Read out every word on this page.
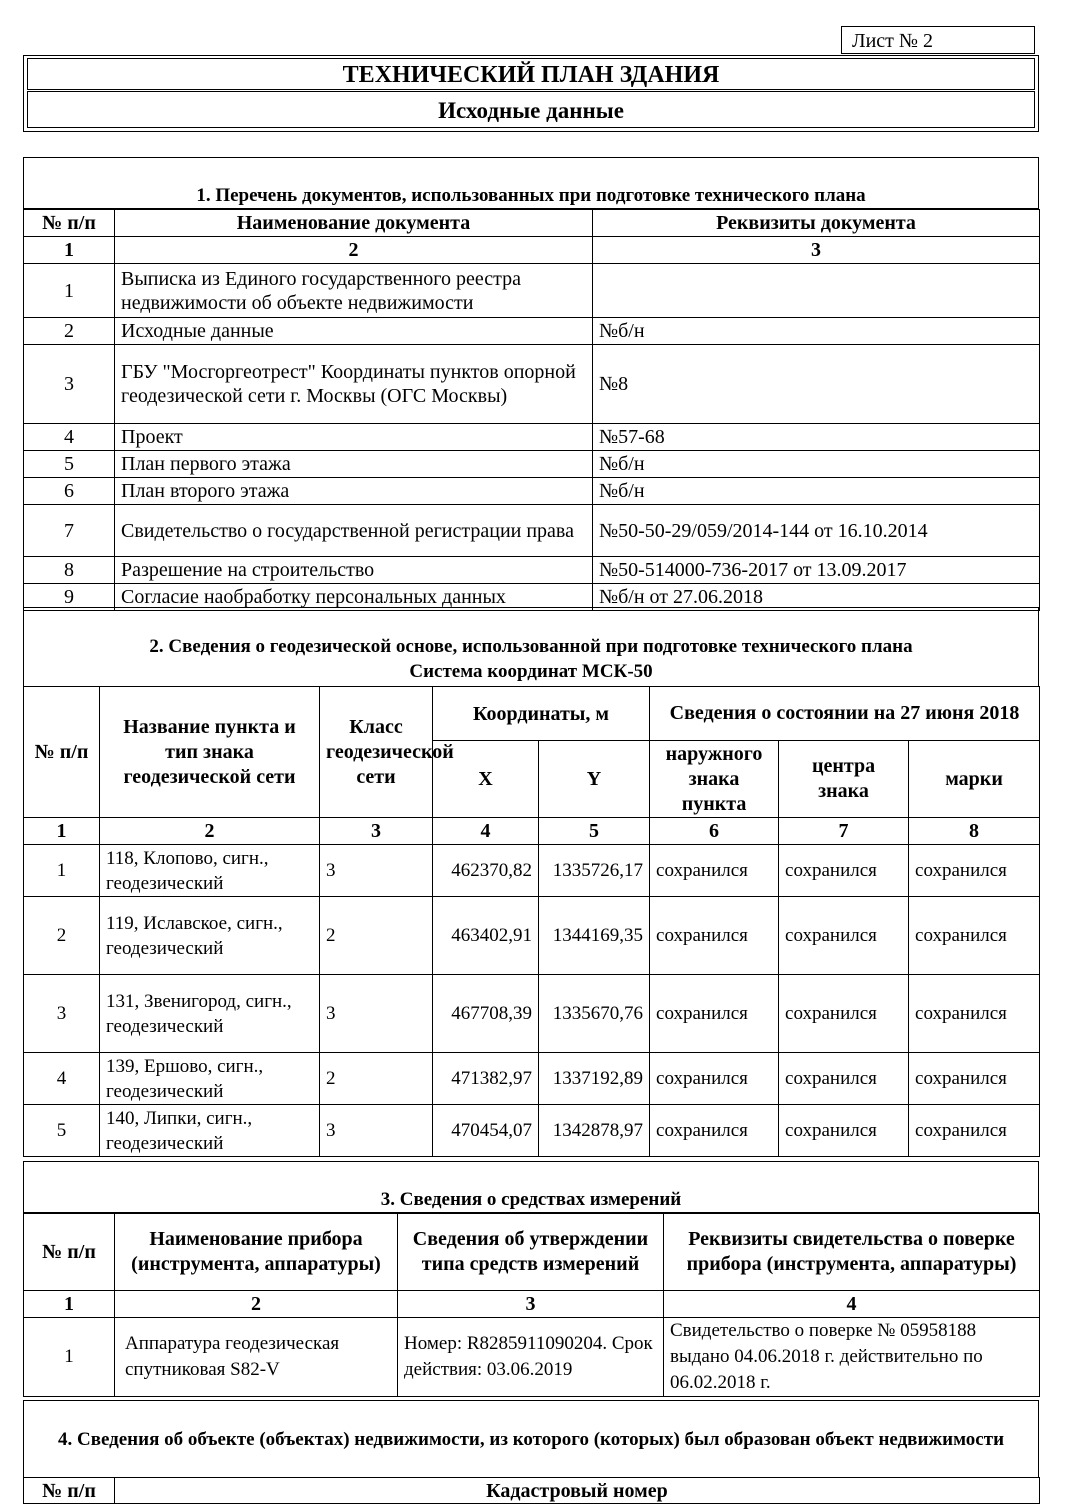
Лист № 2
ТЕХНИЧЕСКИЙ ПЛАН ЗДАНИЯ
Исходные данные
1. Перечень документов, использованных при подготовке технического плана
№ п/п	Наименование документа	Реквизиты документа
1	2	3
1	Выписка из Единого государственного реестра недвижимости об объекте недвижимости	
2	Исходные данные	№б/н
3	ГБУ "Мосгоргеотрест" Координаты пунктов опорной геодезической сети г. Москвы (ОГС Москвы)	№8
4	Проект	№57-68
5	План первого этажа	№б/н
6	План второго этажа	№б/н
7	Свидетельство о государственной регистрации права	№50-50-29/059/2014-144 от 16.10.2014
8	Разрешение на строительство	№50-514000-736-2017 от 13.09.2017
9	Согласие наобработку персональных данных	№б/н от 27.06.2018
2. Сведения о геодезической основе, использованной при подготовке технического плана
Система координат МСК-50
№ п/п	Название пункта и тип знака геодезической сети	Класс геодезической сети	Координаты, м		Сведения о состоянии на 27 июня 2018		
			X	Y	наружного знака пункта	центра знака	марки
1	2	3	4	5	6	7	8
1	118, Клопово, сигн., геодезический	3	462370,82	1335726,17	сохранился	сохранился	сохранился
2	119, Иславское, сигн., геодезический	2	463402,91	1344169,35	сохранился	сохранился	сохранился
3	131, Звенигород, сигн., геодезический	3	467708,39	1335670,76	сохранился	сохранился	сохранился
4	139, Ершово, сигн., геодезический	2	471382,97	1337192,89	сохранился	сохранился	сохранился
5	140, Липки, сигн., геодезический	3	470454,07	1342878,97	сохранился	сохранился	сохранился
3. Сведения о средствах измерений
№ п/п	Наименование прибора (инструмента, аппаратуры)	Сведения об утверждении типа средств измерений	Реквизиты свидетельства о поверке прибора (инструмента, аппаратуры)
1	2	3	4
1	Аппаратура геодезическая спутниковая S82-V	Номер: R8285911090204. Срок действия: 03.06.2019	Свидетельство о поверке № 05958188 выдано 04.06.2018 г. действительно по 06.02.2018 г.
4. Сведения об объекте (объектах) недвижимости, из которого (которых) был образован объект недвижимости
№ п/п	Кадастровый номер
